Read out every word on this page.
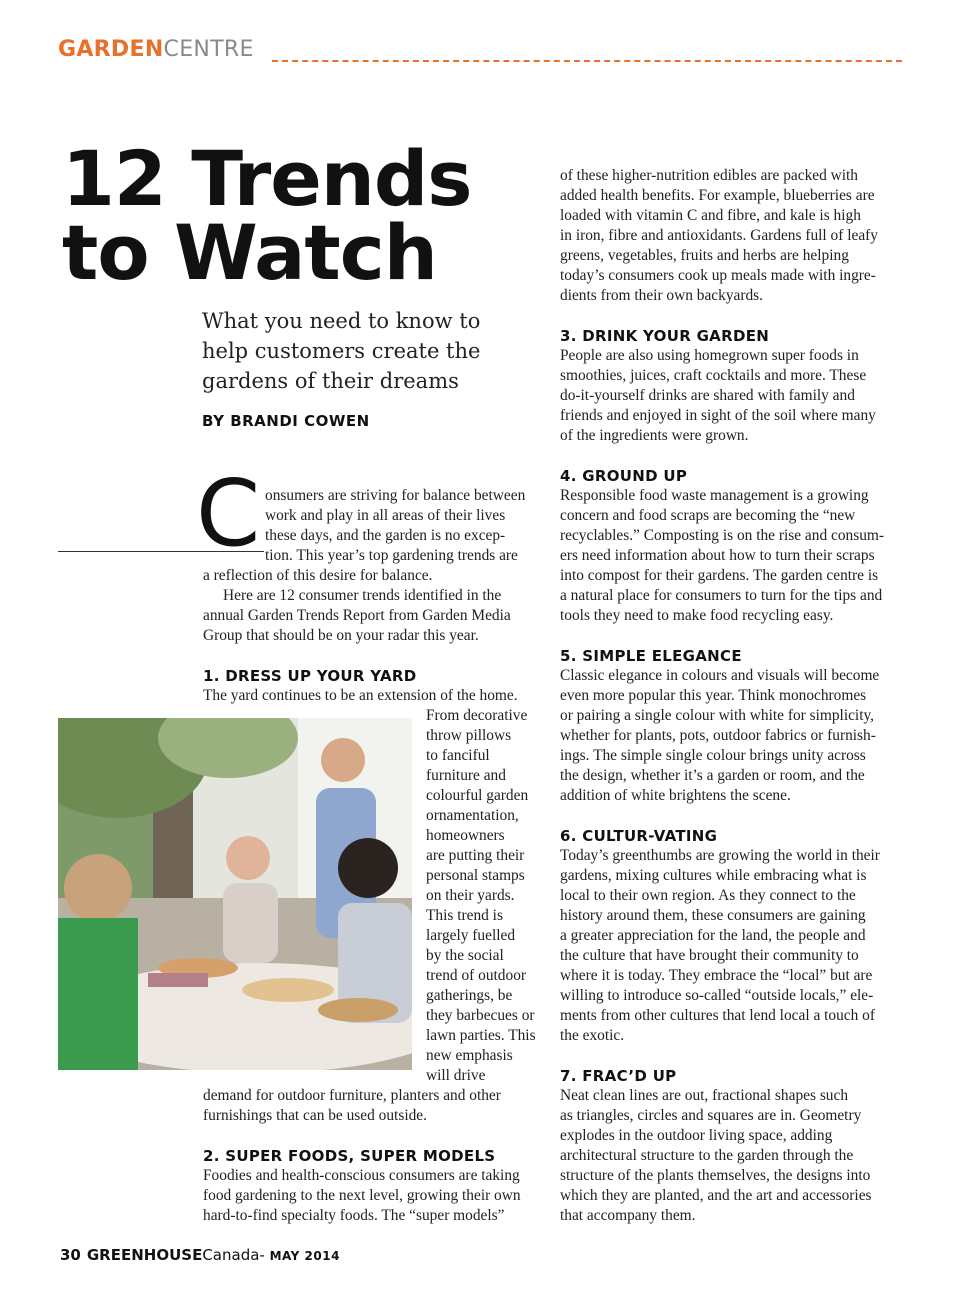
GARDENCENTRE
12 Trends
to Watch
What you need to know to help customers create the gardens of their dreams
BY BRANDI COWEN
C onsumers are striving for balance between
work and play in all areas of their lives
these days, and the garden is no excep-
tion. This year’s top gardening trends are
a reflection of this desire for balance.
Here are 12 consumer trends identified in the
annual Garden Trends Report from Garden Media
Group that should be on your radar this year.
1. DRESS UP YOUR YARD
The yard continues to be an extension of the home.
From decorative
throw pillows
to fanciful
furniture and
colourful garden
ornamentation,
homeowners
are putting their
personal stamps
on their yards.
This trend is
largely fuelled
by the social
trend of outdoor
gatherings, be
they barbecues or
lawn parties. This
new emphasis
will drive
demand for outdoor furniture, planters and other
furnishings that can be used outside.
2. SUPER FOODS, SUPER MODELS
Foodies and health-conscious consumers are taking
food gardening to the next level, growing their own
hard-to-find specialty foods. The “super models”
of these higher-nutrition edibles are packed with
added health benefits. For example, blueberries are
loaded with vitamin C and fibre, and kale is high
in iron, fibre and antioxidants. Gardens full of leafy
greens, vegetables, fruits and herbs are helping
today’s consumers cook up meals made with ingre-
dients from their own backyards.
3. DRINK YOUR GARDEN
People are also using homegrown super foods in
smoothies, juices, craft cocktails and more. These
do-it-yourself drinks are shared with family and
friends and enjoyed in sight of the soil where many
of the ingredients were grown.
4. GROUND UP
Responsible food waste management is a growing
concern and food scraps are becoming the “new
recyclables.” Composting is on the rise and consum-
ers need information about how to turn their scraps
into compost for their gardens. The garden centre is
a natural place for consumers to turn for the tips and
tools they need to make food recycling easy.
5. SIMPLE ELEGANCE
Classic elegance in colours and visuals will become
even more popular this year. Think monochromes
or pairing a single colour with white for simplicity,
whether for plants, pots, outdoor fabrics or furnish-
ings. The simple single colour brings unity across
the design, whether it’s a garden or room, and the
addition of white brightens the scene.
6. CULTUR-VATING
Today’s greenthumbs are growing the world in their
gardens, mixing cultures while embracing what is
local to their own region. As they connect to the
history around them, these consumers are gaining
a greater appreciation for the land, the people and
the culture that have brought their community to
where it is today. They embrace the “local” but are
willing to introduce so-called “outside locals,” ele-
ments from other cultures that lend local a touch of
the exotic.
7. FRAC’D UP
Neat clean lines are out, fractional shapes such
as triangles, circles and squares are in. Geometry
explodes in the outdoor living space, adding
architectural structure to the garden through the
structure of the plants themselves, the designs into
which they are planted, and the art and accessories
that accompany them.
30 GREENHOUSECanada- MAY 2014
